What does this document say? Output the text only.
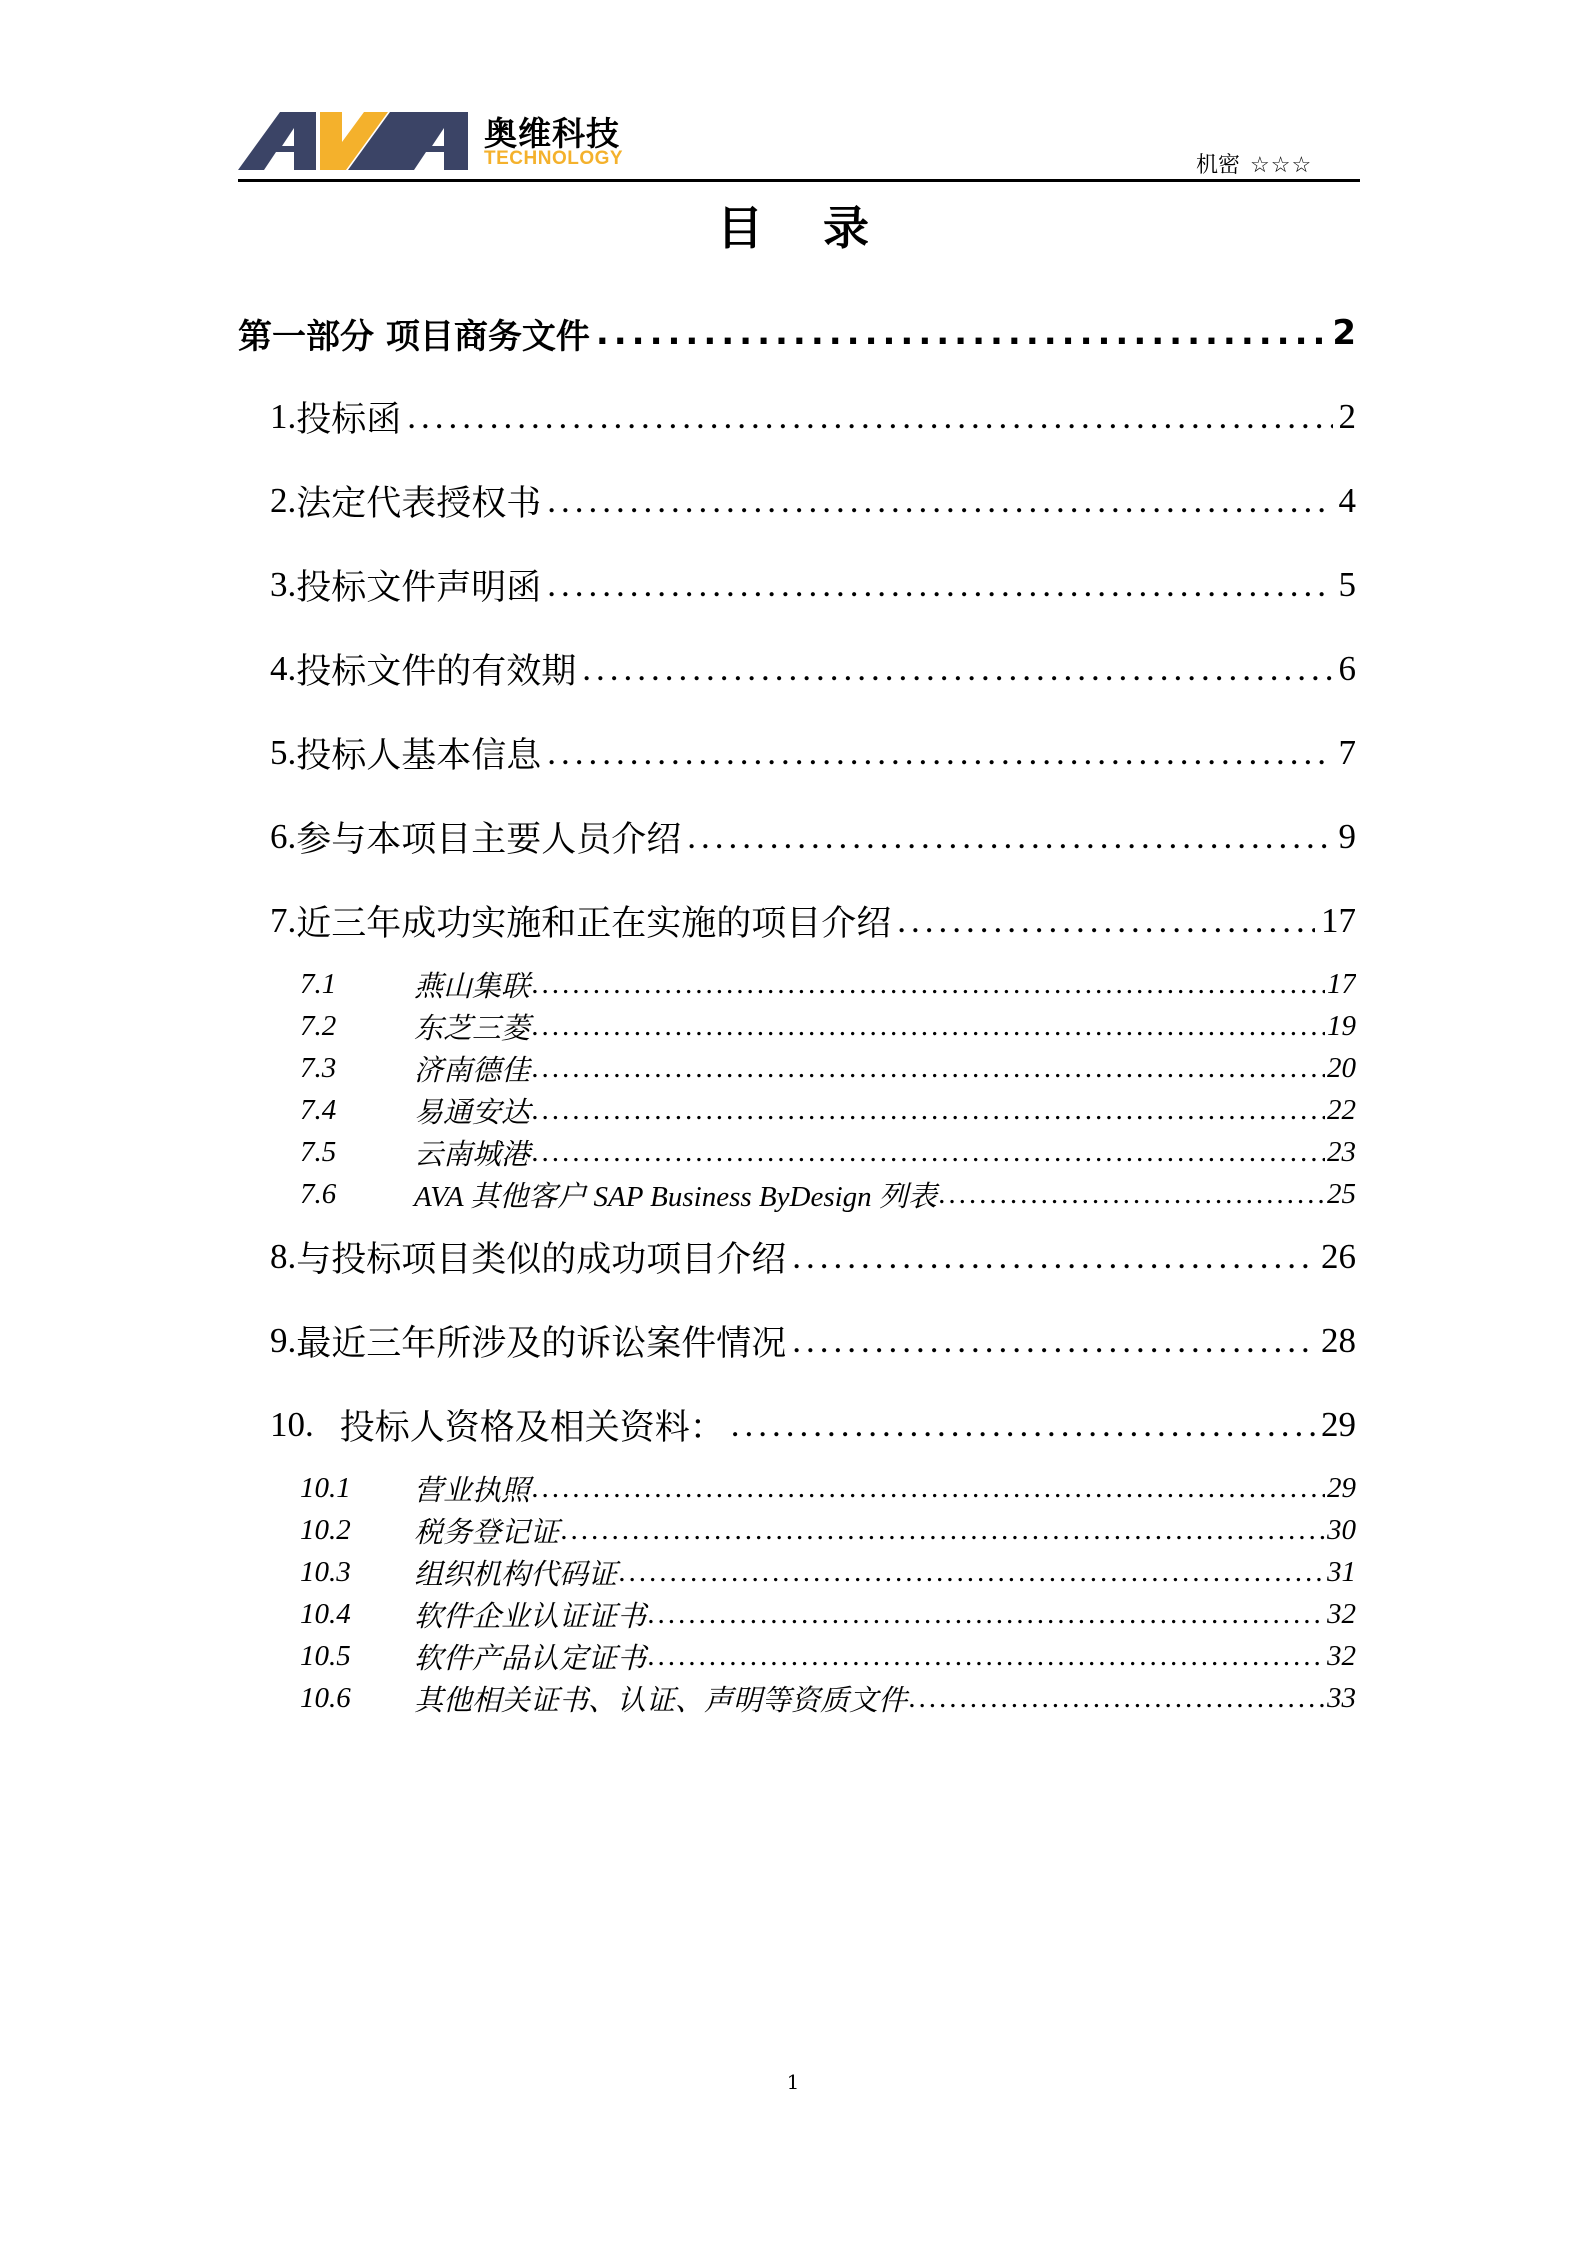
奥维科技
TECHNOLOGY	机密 ☆☆☆
目 录
第一部分 项目商务文件 .....	2
1. 投标函 .....	2
2. 法定代表授权书 .....	4
3. 投标文件声明函 .....	5
4. 投标文件的有效期 .....	6
5. 投标人基本信息 .....	7
6. 参与本项目主要人员介绍 .....	9
7. 近三年成功实施和正在实施的项目介绍 .....	17
7.1	燕山集联 .....	17
7.2	东芝三菱 .....	19
7.3	济南德佳 .....	20
7.4	易通安达 .....	22
7.5	云南城港 .....	23
7.6	AVA 其他客户 SAP Business ByDesign 列表 .....	25
8. 与投标项目类似的成功项目介绍 .....	26
9. 最近三年所涉及的诉讼案件情况 .....	28
10. 投标人资格及相关资料： .....	29
10.1	营业执照 .....	29
10.2	税务登记证 .....	30
10.3	组织机构代码证 .....	31
10.4	软件企业认证证书 .....	32
10.5	软件产品认定证书 .....	32
10.6	其他相关证书、认证、声明等资质文件 .....	33
1
